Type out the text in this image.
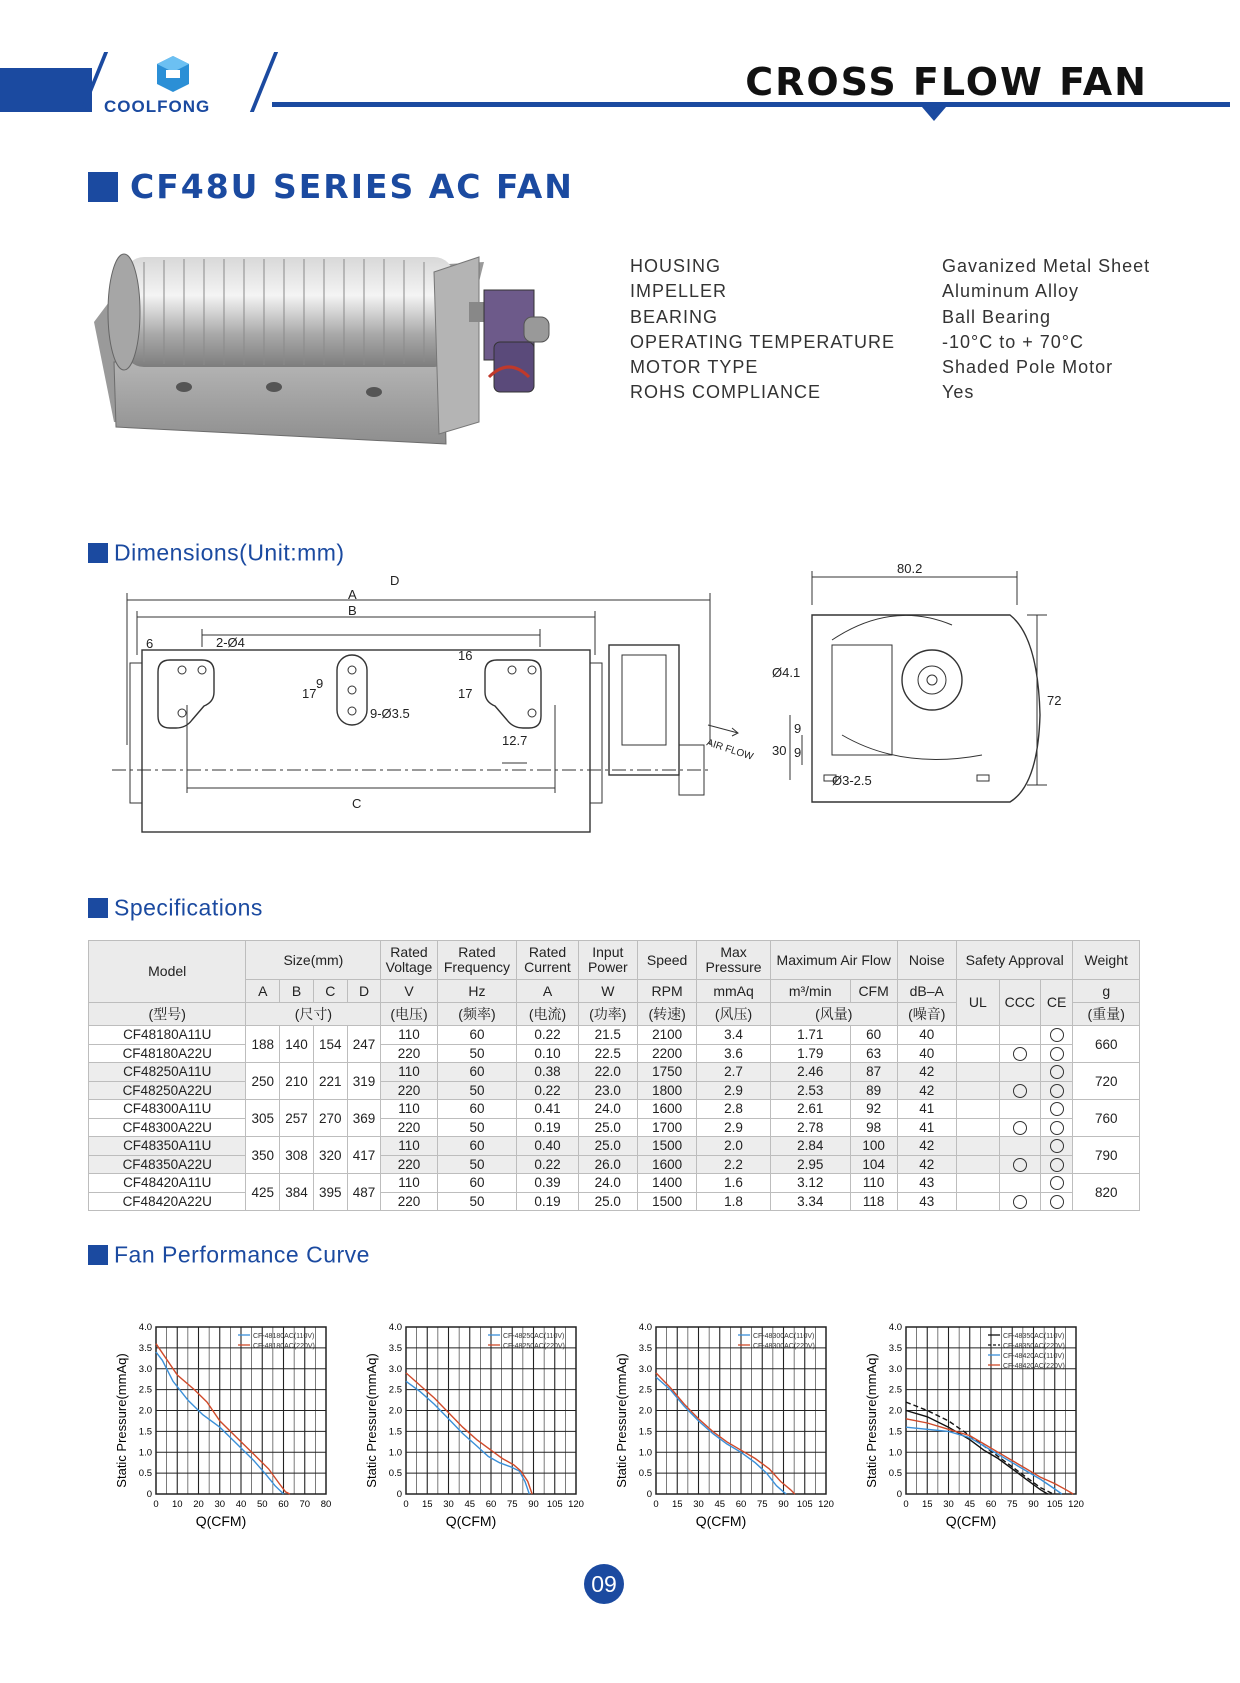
COOLFONG
CROSS FLOW FAN
CF48U SERIES AC FAN
HOUSING	Gavanized Metal Sheet
IMPELLER	Aluminum Alloy
BEARING	Ball Bearing
OPERATING TEMPERATURE	-10°C to + 70°C
MOTOR TYPE	Shaded Pole Motor
ROHS COMPLIANCE	Yes
Dimensions(Unit:mm)
D
A
B
C
6	2-Ø4
16
17
9
17
9-Ø3.5
12.7	AIR FLOW
80.2
72
Ø4.1
30
9
9
Ø3-2.5
Specifications
Model	Size(mm)				Rated Voltage	Rated Frequency	Rated Current	Input Power	Speed	Max Pressure	Maximum Air Flow		Noise	Safety Approval			Weight
	A	B	C	D	V	Hz	A	W	RPM	mmAq	m³/min	CFM	dB–A	UL	CCC	CE	g
(型号)	(尺寸)				(电压)	(频率)	(电流)	(功率)	(转速)	(风压)	(风量)		(噪音)				(重量)
CF48180A11U	188	140	154	247	110	60	0.22	21.5	2100	3.4	1.71	60	40				660
CF48180A22U					220	50	0.10	22.5	2200	3.6	1.79	63	40				
CF48250A11U	250	210	221	319	110	60	0.38	22.0	1750	2.7	2.46	87	42				720
CF48250A22U					220	50	0.22	23.0	1800	2.9	2.53	89	42				
CF48300A11U	305	257	270	369	110	60	0.41	24.0	1600	2.8	2.61	92	41				760
CF48300A22U					220	50	0.19	25.0	1700	2.9	2.78	98	41				
CF48350A11U	350	308	320	417	110	60	0.40	25.0	1500	2.0	2.84	100	42				790
CF48350A22U					220	50	0.22	26.0	1600	2.2	2.95	104	42				
CF48420A11U	425	384	395	487	110	60	0.39	24.0	1400	1.6	3.12	110	43				820
CF48420A22U					220	50	0.19	25.0	1500	1.8	3.34	118	43				
Fan Performance Curve
0 10 20 30 40 50 60 70 80
0
0.5
1.0
1.5
2.0
2.5
3.0
3.5
4.0
Q(CFM)
Static Pressure(mmAq)
CF-48180AC(110V)
CF-48180AC(220V)
0 15 30 45 60 75 90 105 120
0
0.5
1.0
1.5
2.0
2.5
3.0
3.5
4.0
Q(CFM)
Static Pressure(mmAq)
CF-48250AC(110V)
CF-48250AC(220V)
0 15 30 45 60 75 90 105 120
0
0.5
1.0
1.5
2.0
2.5
3.0
3.5
4.0
Q(CFM)
Static Pressure(mmAq)
CF-48300AC(110V)
CF-48300AC(220V)
0 15 30 45 60 75 90 105 120
0
0.5
1.0
1.5
2.0
2.5
3.0
3.5
4.0
Q(CFM)
Static Pressure(mmAq)
CF-48350AC(110V)
CF-48350AC(220V)
CF-48420AC(110V)
CF-48420AC(220V)
09
